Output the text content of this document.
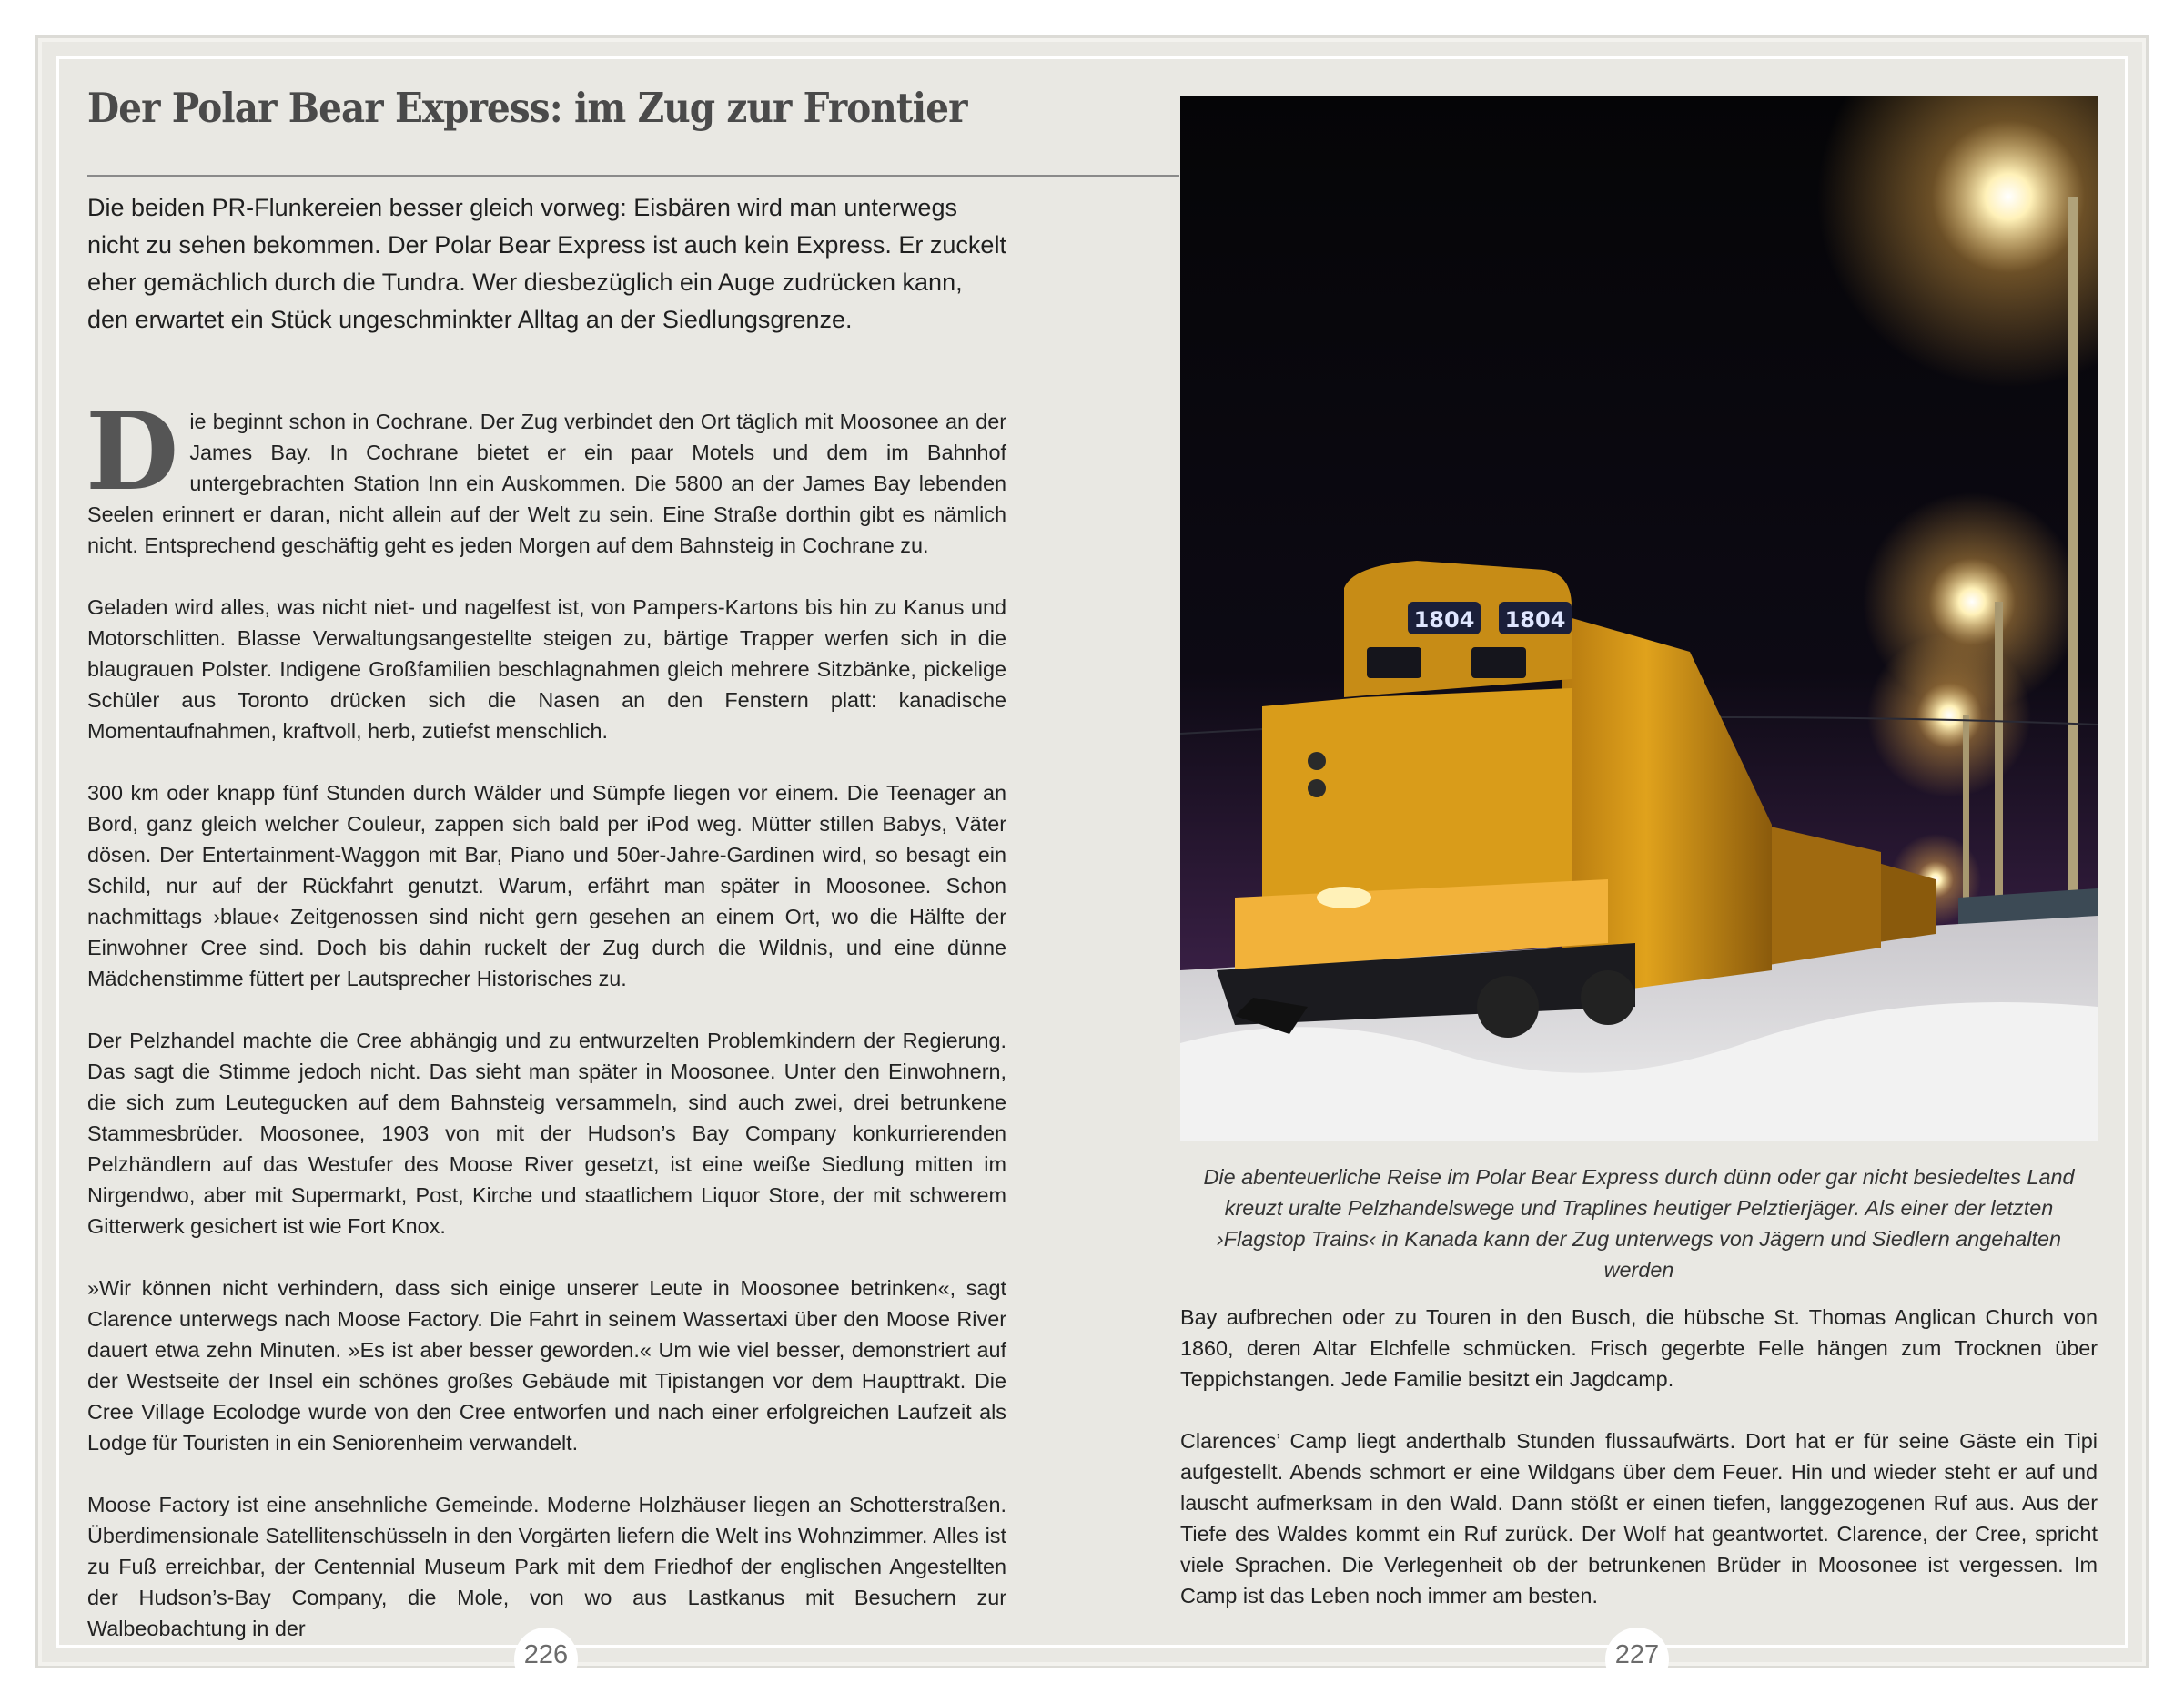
Der Polar Bear Express: im Zug zur Frontier

Die beiden PR-Flunkereien besser gleich vorweg: Eisbären wird man unterwegs nicht zu sehen bekommen. Der Polar Bear Express ist auch kein Express. Er zuckelt eher gemächlich durch die Tundra. Wer diesbezüglich ein Auge zudrücken kann, den erwartet ein Stück ungeschminkter Alltag an der Siedlungsgrenze.

Die beginnt schon in Cochrane. Der Zug verbindet den Ort täglich mit Moosonee an der James Bay. In Cochrane bietet er ein paar Motels und dem im Bahnhof untergebrachten Station Inn ein Auskommen. Die 5800 an der James Bay lebenden Seelen erinnert er daran, nicht allein auf der Welt zu sein. Eine Straße dorthin gibt es nämlich nicht. Entsprechend geschäftig geht es jeden Morgen auf dem Bahnsteig in Cochrane zu.

Geladen wird alles, was nicht niet- und nagelfest ist, von Pampers-Kartons bis hin zu Kanus und Motorschlitten. Blasse Verwaltungsangestellte steigen zu, bärtige Trapper werfen sich in die blaugrauen Polster. Indigene Großfamilien beschlagnahmen gleich mehrere Sitzbänke, pickelige Schüler aus Toronto drücken sich die Nasen an den Fenstern platt: kanadische Momentaufnahmen, kraftvoll, herb, zutiefst menschlich.

300 km oder knapp fünf Stunden durch Wälder und Sümpfe liegen vor einem. Die Teenager an Bord, ganz gleich welcher Couleur, zappen sich bald per iPod weg. Mütter stillen Babys, Väter dösen. Der Entertainment-Waggon mit Bar, Piano und 50er-Jahre-Gardinen wird, so besagt ein Schild, nur auf der Rückfahrt genutzt. Warum, erfährt man später in Moosonee. Schon nachmittags ›blaue‹ Zeitgenossen sind nicht gern gesehen an einem Ort, wo die Hälfte der Einwohner Cree sind. Doch bis dahin ruckelt der Zug durch die Wildnis, und eine dünne Mädchenstimme füttert per Lautsprecher Historisches zu.

Der Pelzhandel machte die Cree abhängig und zu entwurzelten Problemkindern der Regierung. Das sagt die Stimme jedoch nicht. Das sieht man später in Moosonee. Unter den Einwohnern, die sich zum Leutegucken auf dem Bahnsteig versammeln, sind auch zwei, drei betrunkene Stammesbrüder. Moosonee, 1903 von mit der Hudson’s Bay Company konkurrierenden Pelzhändlern auf das Westufer des Moose River gesetzt, ist eine weiße Siedlung mitten im Nirgendwo, aber mit Supermarkt, Post, Kirche und staatlichem Liquor Store, der mit schwerem Gitterwerk gesichert ist wie Fort Knox.

»Wir können nicht verhindern, dass sich einige unserer Leute in Moosonee betrinken«, sagt Clarence unterwegs nach Moose Factory. Die Fahrt in seinem Wassertaxi über den Moose River dauert etwa zehn Minuten. »Es ist aber besser geworden.« Um wie viel besser, demonstriert auf der Westseite der Insel ein schönes großes Gebäude mit Tipistangen vor dem Haupttrakt. Die Cree Village Ecolodge wurde von den Cree entworfen und nach einer erfolgreichen Laufzeit als Lodge für Touristen in ein Seniorenheim verwandelt.

Moose Factory ist eine ansehnliche Gemeinde. Moderne Holzhäuser liegen an Schotterstraßen. Überdimensionale Satellitenschüsseln in den Vorgärten liefern die Welt ins Wohnzimmer. Alles ist zu Fuß erreichbar, der Centennial Museum Park mit dem Friedhof der englischen Angestellten der Hudson’s-Bay Company, die Mole, von wo aus Lastkanus mit Besuchern zur Walbeobachtung in der

1804 1804

Die abenteuerliche Reise im Polar Bear Express durch dünn oder gar nicht besiedeltes Land kreuzt uralte Pelzhandelswege und Traplines heutiger Pelztierjäger. Als einer der letzten ›Flagstop Trains‹ in Kanada kann der Zug unterwegs von Jägern und Siedlern angehalten werden

Bay aufbrechen oder zu Touren in den Busch, die hübsche St. Thomas Anglican Church von 1860, deren Altar Elchfelle schmücken. Frisch gegerbte Felle hängen zum Trocknen über Teppichstangen. Jede Familie besitzt ein Jagdcamp.

Clarences’ Camp liegt anderthalb Stunden flussaufwärts. Dort hat er für seine Gäste ein Tipi aufgestellt. Abends schmort er eine Wildgans über dem Feuer. Hin und wieder steht er auf und lauscht aufmerksam in den Wald. Dann stößt er einen tiefen, langgezogenen Ruf aus. Aus der Tiefe des Waldes kommt ein Ruf zurück. Der Wolf hat geantwortet. Clarence, der Cree, spricht viele Sprachen. Die Verlegenheit ob der betrunkenen Brüder in Moosonee ist vergessen. Im Camp ist das Leben noch immer am besten.

226	227
